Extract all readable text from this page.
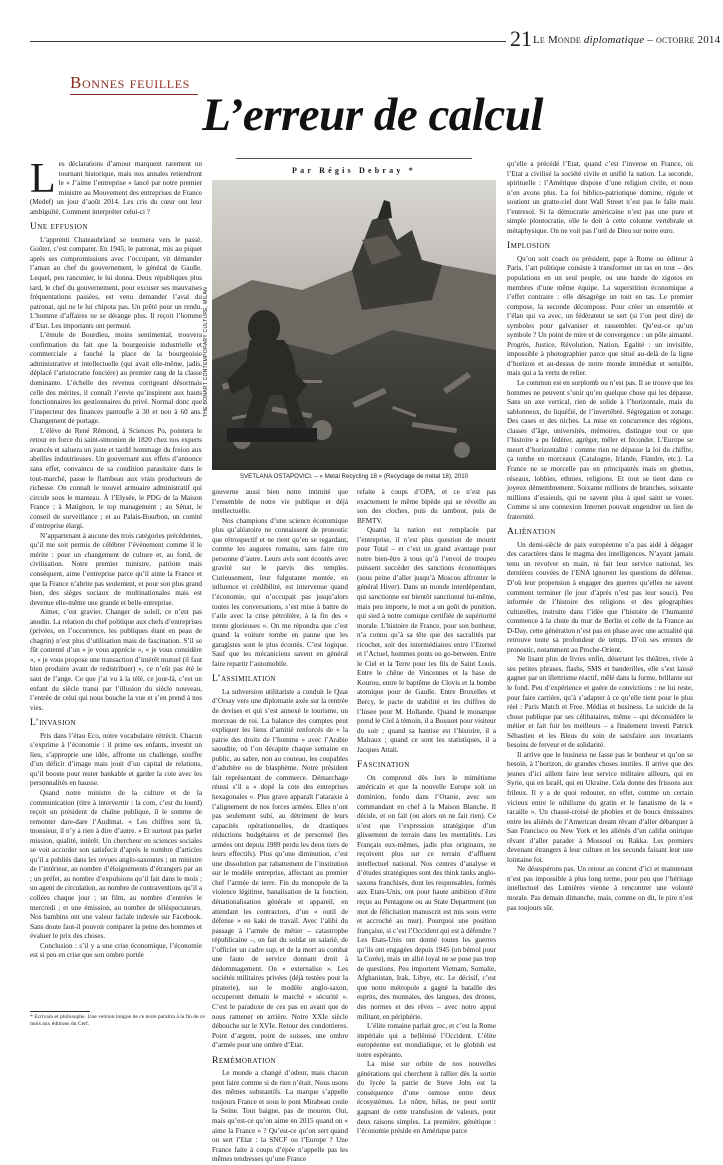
21 Le Monde diplomatique – octobre 2014
Bonnes feuilles
L’erreur de calcul
Par Régis Debray *
THE BONART CONTEMPORARY CULTURE, MILAN
SVETLANA OSTAPOVICI. – « Metal Recycling 18 » (Recyclage de métal 18), 2010

Les déclarations d’amour marquent rarement un tournant historique, mais nos annales retiendront le « J’aime l’entreprise » lancé par notre premier ministre au Mouvement des entreprises de France (Medef) un jour d’août 2014. Les cris du cœur ont leur ambiguïté. Comment interpréter celui-ci ?

Une effusion

L’apprenti Chateaubriand se tournera vers le passé. Goûter, c’est comparer. En 1945, le patronat, mis au piquet après ses compromissions avec l’occupant, vit démander l’aman au chef du gouvernement, le général de Gaulle. Lequel, peu rancunier, le lui donna. Deux républiques plus tard, le chef du gouvernement, pour excuser ses mauvaises fréquentations passées, est venu demander l’aval du patronat, qui ne le lui chipota pas. Un prêté pour un rendu. L’homme d’affaires ne se dérange plus. Il reçoit l’homme d’Etat. Les importants ont permuté.

L’émule de Bourdieu, moins sentimental, trouvera confirmation du fait que la bourgeoisie industrielle et commerciale a fauché la place de la bourgeoisie administrative et intellectuelle (qui avait elle-même, jadis, déplacé l’aristocratie foncière) au premier rang de la classe dominante. L’échelle des revenus corrigeant désormais celle des mérites, il connaît l’envie qu’inspirent aux hauts fonctionnaires les gestionnaires du privé. Normal donc que l’inspecteur des finances pantoufle à 30 et non à 60 ans. Changement de portage.

L’élève de René Rémond, à Sciences Po, pointera le retour en force du saint-simonien de 1820 chez nos experts avancés et saluera un juste et tardif hommage du freion aux abeilles industrieuses. Un gouvernant aux effets d’annonce sans effet, convaincu de sa condition parasitaire dans le tout-marché, passe le flambeau aux vrais producteurs de richesse. On connaît le nouvel armuaire administratif qui circule sous le manteau. À l’Elysée, le PDG de la Maison France ; à Matignon, le top management ; au Sénat, le conseil de surveillance ; et au Palais-Bourbon, un comité d’entreprise élargi.

N’appartenant à aucune des trois catégories précédentes, qu’il me soit permis de célébrer l’événement comme il le mérite : pour un changement de culture et, au fond, de civilisation. Notre premier ministre, patriote mais conséquent, aime l’entreprise parce qu’il aime la France et que la France n’abrite pas seulement, et pour son plus grand bien, des sièges sociaux de multinationales mais est devenue elle-même une grande et belle entreprise.

Aimer, c’est gravier. Changer de soleil, ce n’est pas anodin. La relation du chef politique aux chefs d’entreprises (privées, en l’occurrence, les publiques étant en peau de chagrin) n’est plus d’utilisation mais de fascination. S’il se fût contenté d’un « je vous apprécie », « je vous considère », « je vous propose une transaction d’intérêt mutuel (il faut bien produire avant de redistribuer) », ce n’eût pas été le saut de l’ange. Ce que j’ai vu à la télé, ce jour-là, c’est un enfant du siècle transi par l’illusion du siècle nouveau, l’entrée de celui qui nous bouche la vue et s’en prend à nos vies.

L’invasion

Pris dans l’étau Eco, notre vocabulaire rétrécit. Chacun s’exprime à l’économie : il prime ses enfants, investit un lieu, s’approprie une idée, affronte un challenge, souffre d’un déficit d’image mais jouit d’un capital de relations, qu’il booste pour rester bankable et garder la cote avec les personnalités en hausse.

Quand notre ministre de la culture et de la communication (titre à interverttir : la com, c’est du lourd) reçoit un président de chaîne publique, il le somme de remonter dare-dare l’Audimat. « Les chiffres sont là, monsieur, il n’y a rien à dire d’autre. » Et surtout pas parler mission, qualité, intérêt. Un chercheur en sciences sociales se voit accorder son satisfecit d’après le nombre d’articles qu’il a publiés dans les revues anglo-saxonnes ; un ministre de l’intérieur, au nombre d’éloignements d’étrangers par an ; un préfet, au nombre d’expulsions qu’il fait dans le mois ; un agent de circulation, au nombre de contraventions qu’il a collées chaque jour ; un film, au nombre d’entrées le mercredi ; et une émission, au nombre de téléspectateurs. Nos bambins ont une valeur faciale indexée sur Facebook. Sans doute faut-il pouvoir comparer la peine des hommes et évaluer le prix des choses.

Conclusion : s’il y a une crise économique, l’économie est si peu en crise que son ombre portée

gouverne aussi bien notre intimité que l’ensemble de notre vie publique et déjà intellectuelle.

Nos champions d’une science économique plus qu’aléatoire ne connaissent de pronostic que rétrospectif et ne rient qu’en se regardant, comme les augures romains, sans faire rire personne d’autre. Leurs avis sont écoutés avec gravité sur le parvis des temples. Curieusement, leur fulgurante montée, en influence et crédibilité, est intervenue quand l’économie, qui n’occupait pas jusqu’alors toutes les conversations, s’est mise à battre de l’aile avec la crise pétrolière, à la fin des « trente glorieuses ». On me répondra que c’est quand la voiture tombe en panne que les garagistes sont le plus écoutés. C’est logique. Sauf que les mécaniciens savent en général faire repartir l’automobile.

L’assimilation

La subversion utilitariste a conduit le Quai d’Orsay vers une diplomatie axée sur la rentrée de devises et qui s’est annexé le tourisme, un morceau de roi. La balance des comptes peut expliquer les liens d’amitié renforcés de « la patrie des droits de l’homme » avec l’Arabie saoudite, où l’on décapite chaque semaine en public, au sabre, non au couteau, les coupables d’adultère ou de blasphème. Notre président fait représentant de commerce. Démarchage réussi s’il a « dopé la cote des entreprises hexagonales ». Plus grave apparaît l’ataraxie à l’alignement de nos forces armées. Elles n’ont pas seulement subi, au détriment de leurs capacités opérationnelles, de drastiques réductions budgétaires et de personnel (les armées ont depuis 1989 perdu les deux tiers de leurs effectifs). Plus qu’une diminution, c’est une dissolution par rabattement de l’institution sur le modèle entreprise, affectant au premier chef l’armée de terre. Fin du monopole de la violence légitime, banalisation de la fonction, dénationalisation générale et appareil, en attendant les contractors, d’un « outil de défense » en kaki de travail. Avec l’alibi du passage à l’armée de métier – catastrophe républicaine –, on fait du soldat un salarié, de l’officier un cadre sup, et de la mort au combat une faute de service donnant droit à dédommagement. On « externalise ». Les sociétés militaires privées (déjà testées pour la piraterie), sur le modèle anglo-saxon, occuperont demain le marché « sécurité ». C’est le paradoxe de ces pas en avant que de nous ramener en arrière. Notre XXIe siècle débouche sur le XVIe. Retour des condottieres. Point d’argent, point de suisses, une ombre d’armée pour une ombre d’Etat.

Remémoration

Le monde a changé d’odeur, mais chacun peut faire comme si de rien n’était. Nous usons des mêmes substantifs. La marque s’appelle toujours France et sous le pont Mirabeau coule la Seine. Tout baigne, pas de mouron. Oui, mais qu’est-ce qu’on aime en 2015 quand on « aime la France » ? Qu’est-ce qu’on sert quand on sert l’Etat : la SNCF ou l’Europe ? Une France faite à coups d’épée n’appelle pas les mêmes tendresses qu’une France

refaite à coups d’OPA, et ce n’est pas exactement le même bipède qui se réveille au son des cloches, puis du tambour, puis de BFMTV.

Quand la nation est remplacée par l’entreprise, il n’est plus question de mourir pour Total – et c’est un grand avantage pour notre bien-être à tous qu’à l’envoi de troupes puissent succéder des sanctions économiques (sous peine d’aller jusqu’à Moscou affronter le général Hiver). Dans un monde interdépendant, qui sanctionne est bientôt sanctionné lui-même, mais peu importe, le mot a un goût de punition, qui sied à notre comique certifiée de supériorité morale. L’histoire de France, pour son bonheur, n’a connu qu’à sa tête que des sacralités par ricochet, soit des intermédiaires entre l’Eternel et l’Actuel, hommes ponts ou go-between. Entre le Ciel et la Terre pour les fils de Saint Louis. Entre le chêne de Vincennes et la base de Kourou, entre le baptême de Clovis et la bombe atomique pour de Gaulle. Entre Bruxelles et Bercy, le pacte de stabilité et les chiffres de l’Insee pour M. Hollande. Quand le monarque prend le Ciel à témoin, il a Bossuet pour visiteur du soir ; quand sa hantise est l’histoire, il a Malraux ; quand ce sont les statistiques, il a Jacques Attali.

Fascination

On comprend dès lors le mimétisme américain et que la nouvelle Europe soit un dominion, fondu dans l’Otanie, avec son commandant en chef à la Maison Blanche. Il décide, et on fait (ou alors on ne fait rien). Ce n’est que l’expression stratégique d’un glissement de terrain dans les mentalités. Les Français eux-mêmes, jadis plus originaux, ne reçoivent plus sur ce terrain d’affluent intellectuel national. Nos centres d’analyse et d’études stratégiques sont des think tanks anglo-saxons franchisés, dont les responsables, formés aux Etats-Unis, ont pour haute ambition d’être reçus au Pentagone ou au State Department (un mot de félicitation manuscrit est mis sous verre et accroché au mur). Pourquoi une position française, si c’est l’Occident qui est à défendre ? Les Etats-Unis ont donné toutes les guerres qu’ils ont engagées depuis 1945 (un bémol pour la Corée), mais un allié loyal ne se pose pas trop de questions. Peu importent Vietnam, Somalie, Afghanistan, Irak, Libye, etc. Le décisif, c’est que notre métropole a gagné la bataille des esprits, des monnaies, des langues, des drones, des normes et des rêves – avec notre appui militant, en périphérie.

L’élite romaine parlait grec, et c’est la Rome impériale qui a hellénisé l’Occident. L’élite européenne est mondialique, et le globish est notre espéranto.

La mise sur orbite de nos nouvelles générations qui cherchent à rallier dès la sortie du lycée la patrie de Steve Jobs est la conséquence d’une osmose entre deux écosystèmes. Le nôtre, hélas, ne peut sortir gagnant de cette transfusion de valeurs, pour deux raisons simples. La première, génétique : l’économie préside en Amérique parce

qu’elle a précédé l’Etat, quand c’est l’inverse en France, où l’Etat a civilisé la société civile et unifié la nation. La seconde, spirituelle : l’Amérique dispose d’une religion civile, et nous n’en avons plus. La foi biblico-patriotique domine, régule et soutient un gratte-ciel dont Wall Street n’est pas le faîte mais l’entresol. Si la démocratie américaine n’est pas une pure et simple ploutocratie, elle le doit à cette colonne vertébrale et métaphysique. On ne voit pas l’œil de Dieu sur notre euro.

Implosion

Qu’on soit coach ou président, pape à Rome ou éditeur à Paris, l’art politique consiste à transformer un tas en tout – des populations en un seul peuple, ou une bande de zigotos en membres d’une même équipe. La superstition économique a l’effet contraire : elle désagrège un tout en tas. Le premier compose, la seconde décompose. Pour créer un ensemble et l’élan qui va avec, un fédérateur se sert (si l’on peut dire) de symboles pour galvaniser et rassembler. Qu’est-ce qu’un symbole ? Un point de mire et de convergence : un pôle aimanté. Progrès, Justice, Révolution, Nation, Egalité : un invisible, impossible à photographier parce que situé au-delà de la ligne d’horizon et au-dessus de notre monde immédiat et sensible, mais qui a la vertu de relier.

Le commun est en surplomb ou n’est pas. Il se trouve que les hommes ne peuvent s’unir qu’en quelque chose qui les dépasse. Sans un axe vertical, rien de solide à l’horizontale, mais du sablonneux, du liquéfié, de l’invertébré. Ségrégation et zonage. Des cases et des niches. La mise en concurrence des régions, classes d’âge, universités, mémoires, distingue tout ce que l’histoire a pu fédérer, agréger, mêler et féconder. L’Europe se meurt d’horizontalité : comme rien ne dépasse la loi du chiffre, ça tombe en morceaux (Catalogne, Irlande, Flandre, etc.). La France ne se morcelle pas en principautés mais en ghettos, réseaux, lobbies, ethnies, religions. Et tout se tient dans ce joyeux démembrement. Soixante millions de branches, soixante millions d’essieuls, qui ne savent plus à quel saint se vouer. Comme si une connexion Internet pouvait engendrer un lien de fraternité.

Aliénation

Un demi-siècle de paix européenne n’a pas aidé à dégager des caractères dans le magma des intelligences. N’ayant jamais tenu un revolver en main, ni fait leur service national, les dernières couvées de l’ENA ignorent les questions de défense. D’où leur propension à engager des guerres qu’elles ne savent comment terminer (le jour d’après n’est pas leur souci). Peu informée de l’histoire des religions et des géographies culturelles, instruite dans l’idée que l’histoire de l’humanité commence à la chute du mur de Berlin et celle de la France au D-Day, cette génération n’est pas en phase avec une actualité qui retrouve toute sa profondeur de temps. D’où ses erreurs de pronostic, notamment au Proche-Orient.

Ne lisant plus de livres enfin, désertant les théâtres, rivée à ses petites phrases, flashs, SMS et banderilles, elle s’est laissé gagner par un illettrisme réactif, mêlé dans la forme, brillante sur le fond. Peu d’expérience et guère de convictions : ne lui reste, pour faire carrière, qu’à s’adapter à ce qu’elle tient pour le plus réel : Paris Match et Free. Médias et business. Le suicide de la chose publique par ses célibataires, même – qui déconsidère le métier et fait fuir les meilleurs – a finalement investi Patrick Sébastien et les Bleus du soin de satisfaire aux invariants besoins de ferveur et de solidarité.

Il arrive que le business ne fasse pas le bonheur et qu’on se besoin, à l’horizon, de grandes choses inutiles. Il arrive que des jeunes d’ici aillent faire leur service militaire ailleurs, qui en Syrie, qui en Israël, qui en Ukraine. Cela donne des frissons aux frileux. Il y a de quoi redouter, en effet, comme un certain vicieux entre le nihilisme du gratin et le fanatisme de la « racaille ». Un chassé-croisé de phobies et de boucs émissaires entre les aliénés de l’American dream rêvant d’aller débarquer à San Francisco ou New York et les aliénés d’un califat onirique rêvant d’aller parader à Mossoul ou Rakka. Les premiers devenant étrangers à leur culture et les seconds faisant leur une lointaine foi.

Ne désespérons pas. Un retour au concret d’ici et maintenant n’est pas impossible à plus long terme, pour peu que l’héritage intellectuel des Lumières vienne à rencontrer une volonté morale. Pas demain dimanche, mais, comme on dit, le pire n’est pas toujours sûr.

* Ecrivain et philosophe. Une version longue de ce texte paraîtra à la fin de ce mois aux éditions du Cerf.
